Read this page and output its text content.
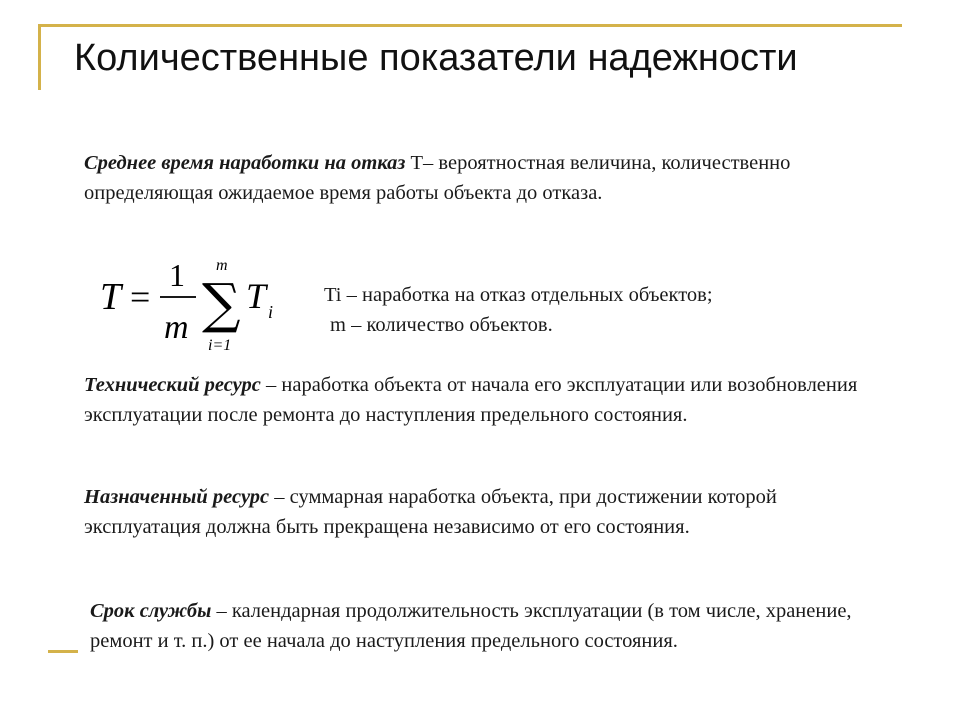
Количественные показатели надежности
Среднее время наработки на отказ T– вероятностная величина, количественно определяющая ожидаемое время работы объекта до отказа.
T =
1
m
m
∑
i=1
T i
Ti – наработка на отказ отдельных объектов;
m – количество объектов.
Технический ресурс – наработка объекта от начала его эксплуатации или возобновления эксплуатации после ремонта до наступления предельного состояния.
Назначенный ресурс – суммарная наработка объекта, при достижении которой эксплуатация должна быть прекращена независимо от его состояния.
Срок службы – календарная продолжительность эксплуатации (в том числе, хранение, ремонт и т. п.) от ее начала до наступления предельного состояния.
